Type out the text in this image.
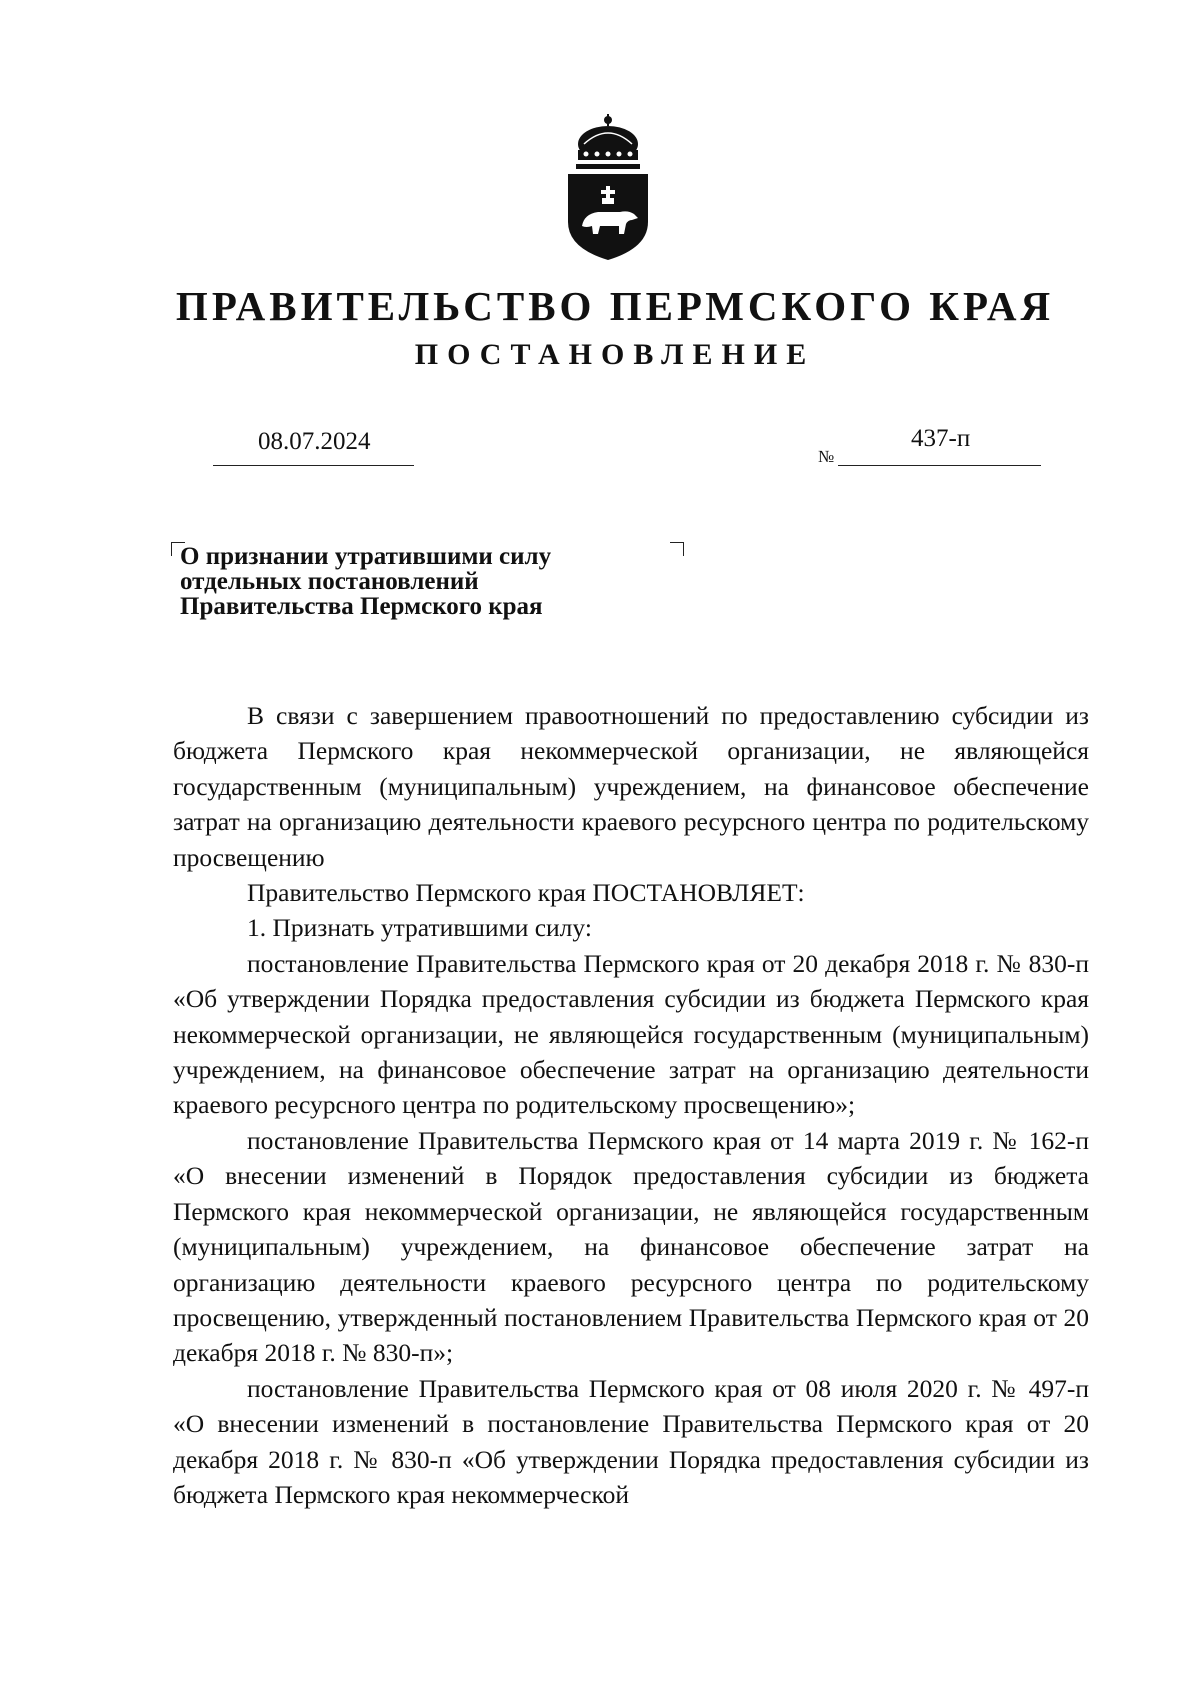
ПРАВИТЕЛЬСТВО ПЕРМСКОГО КРАЯ
ПОСТАНОВЛЕНИЕ
08.07.2024
№
437-п
О признании утратившими силу
отдельных постановлений
Правительства Пермского края

В связи с завершением правоотношений по предоставлению субсидии из бюджета Пермского края некоммерческой организации, не являющейся государственным (муниципальным) учреждением, на финансовое обеспечение затрат на организацию деятельности краевого ресурсного центра по родительскому просвещению

Правительство Пермского края ПОСТАНОВЛЯЕТ:

1. Признать утратившими силу:

постановление Правительства Пермского края от 20 декабря 2018 г. № 830-п «Об утверждении Порядка предоставления субсидии из бюджета Пермского края некоммерческой организации, не являющейся государственным (муниципальным) учреждением, на финансовое обеспечение затрат на организацию деятельности краевого ресурсного центра по родительскому просвещению»;

постановление Правительства Пермского края от 14 марта 2019 г. № 162-п «О внесении изменений в Порядок предоставления субсидии из бюджета Пермского края некоммерческой организации, не являющейся государственным (муниципальным) учреждением, на финансовое обеспечение затрат на организацию деятельности краевого ресурсного центра по родительскому просвещению, утвержденный постановлением Правительства Пермского края от 20 декабря 2018 г. № 830-п»;

постановление Правительства Пермского края от 08 июля 2020 г. № 497-п «О внесении изменений в постановление Правительства Пермского края от 20 декабря 2018 г. № 830-п «Об утверждении Порядка предоставления субсидии из бюджета Пермского края некоммерческой
